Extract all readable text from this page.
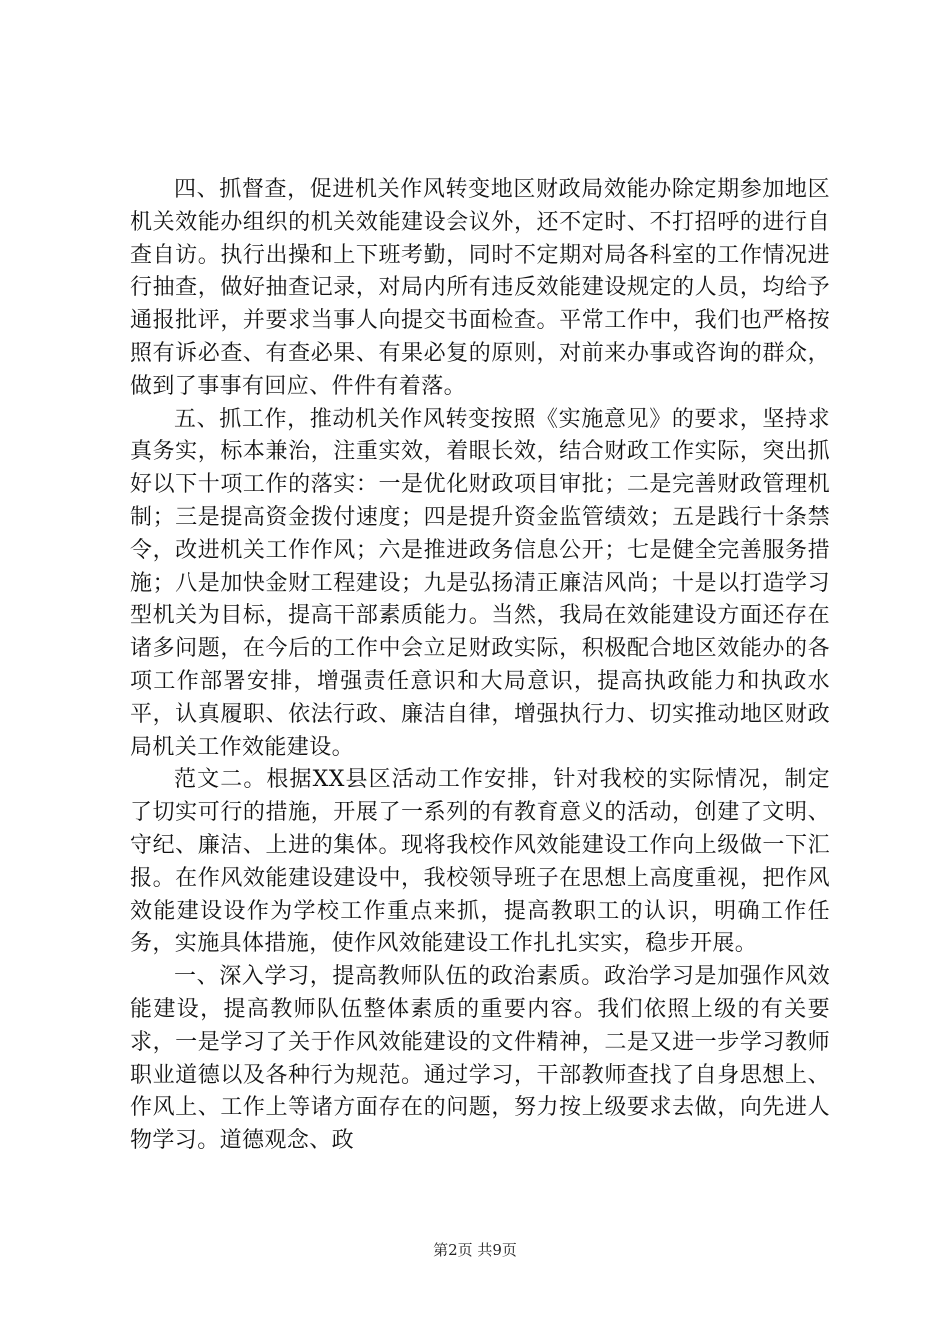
四、抓督查，促进机关作风转变地区财政局效能办除定期参加地区机关效能办组织的机关效能建设会议外，还不定时、不打招呼的进行自查自访。执行出操和上下班考勤，同时不定期对局各科室的工作情况进行抽查，做好抽查记录，对局内所有违反效能建设规定的人员，均给予通报批评，并要求当事人向提交书面检查。平常工作中，我们也严格按照有诉必查、有查必果、有果必复的原则，对前来办事或咨询的群众，做到了事事有回应、件件有着落。

五、抓工作，推动机关作风转变按照《实施意见》的要求，坚持求真务实，标本兼治，注重实效，着眼长效，结合财政工作实际，突出抓好以下十项工作的落实：一是优化财政项目审批；二是完善财政管理机制；三是提高资金拨付速度；四是提升资金监管绩效；五是践行十条禁令，改进机关工作作风；六是推进政务信息公开；七是健全完善服务措施；八是加快金财工程建设；九是弘扬清正廉洁风尚；十是以打造学习型机关为目标，提高干部素质能力。当然，我局在效能建设方面还存在诸多问题，在今后的工作中会立足财政实际，积极配合地区效能办的各项工作部署安排，增强责任意识和大局意识，提高执政能力和执政水平，认真履职、依法行政、廉洁自律，增强执行力、切实推动地区财政局机关工作效能建设。

范文二。根据XX县区活动工作安排，针对我校的实际情况，制定了切实可行的措施，开展了一系列的有教育意义的活动，创建了文明、守纪、廉洁、上进的集体。现将我校作风效能建设工作向上级做一下汇报。在作风效能建设建设中，我校领导班子在思想上高度重视，把作风效能建设设作为学校工作重点来抓，提高教职工的认识，明确工作任务，实施具体措施，使作风效能建设工作扎扎实实，稳步开展。

一、深入学习，提高教师队伍的政治素质。政治学习是加强作风效能建设，提高教师队伍整体素质的重要内容。我们依照上级的有关要求，一是学习了关于作风效能建设的文件精神，二是又进一步学习教师职业道德以及各种行为规范。通过学习，干部教师查找了自身思想上、作风上、工作上等诸方面存在的问题，努力按上级要求去做，向先进人物学习。道德观念、政

第2页 共9页
